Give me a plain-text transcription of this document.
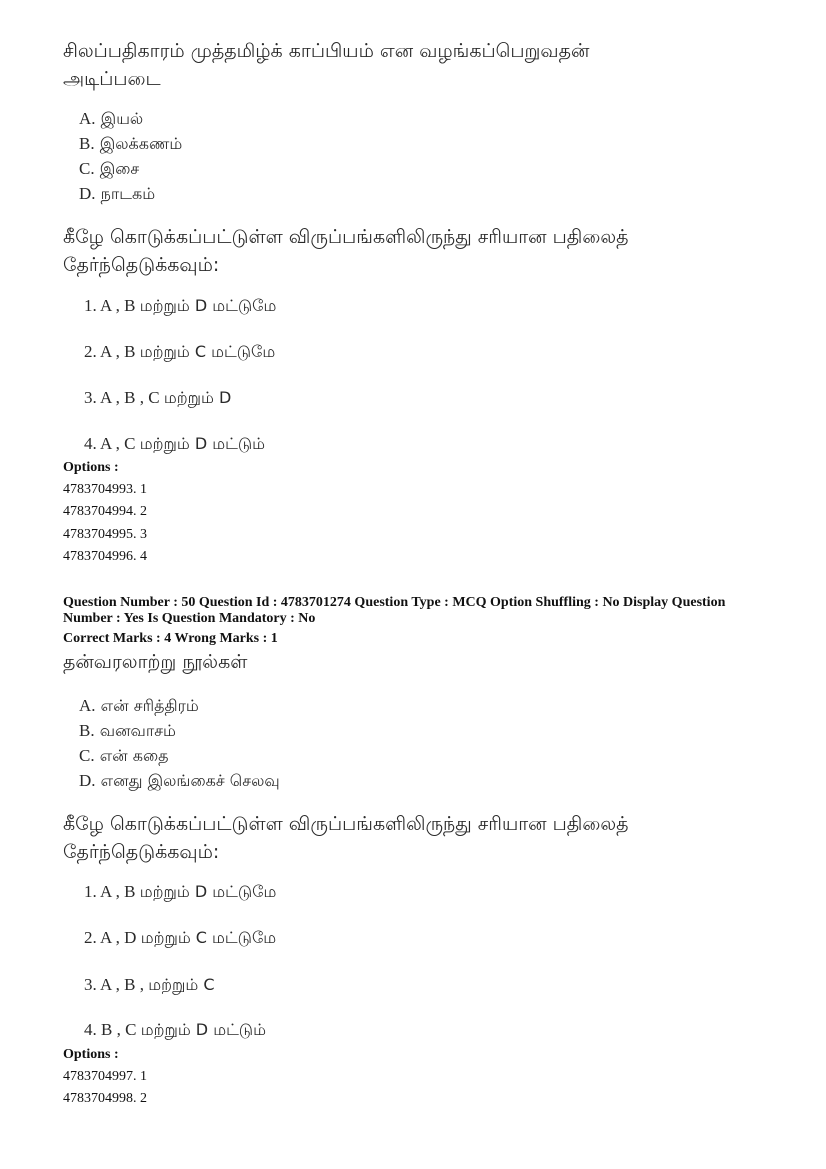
சிலப்பதிகாரம் முத்தமிழ்க் காப்பியம் என வழங்கப்பெறுவதன்
அடிப்படை
A. இயல்
B. இலக்கணம்
C. இசை
D. நாடகம்
கீழே கொடுக்கப்பட்டுள்ள விருப்பங்களிலிருந்து சரியான பதிலைத்
தேர்ந்தெடுக்கவும்:
1. A , B மற்றும் D மட்டுமே
2. A , B மற்றும் C மட்டுமே
3. A , B , C மற்றும் D
4. A , C மற்றும் D மட்டும்
Options :
4783704993. 1
4783704994. 2
4783704995. 3
4783704996. 4
Question Number : 50 Question Id : 4783701274 Question Type : MCQ Option Shuffling : No Display Question
Number : Yes Is Question Mandatory : No
Correct Marks : 4 Wrong Marks : 1
தன்வரலாற்று நூல்கள்
A. என் சரித்திரம்
B. வனவாசம்
C. என் கதை
D. எனது இலங்கைச் செலவு
கீழே கொடுக்கப்பட்டுள்ள விருப்பங்களிலிருந்து சரியான பதிலைத்
தேர்ந்தெடுக்கவும்:
1. A , B மற்றும் D மட்டுமே
2. A , D மற்றும் C மட்டுமே
3. A , B , மற்றும் C
4. B , C மற்றும் D மட்டும்
Options :
4783704997. 1
4783704998. 2
